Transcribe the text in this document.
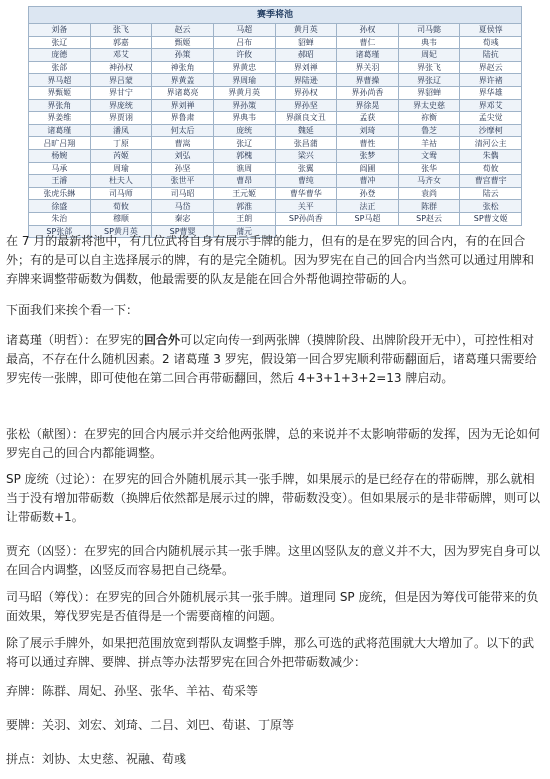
赛季将池
刘备	张飞	赵云	马超	黄月英	孙权	司马懿	夏侯惇
张辽	郭嘉	甄姬	吕布	貂蝉	曹仁	典韦	荀彧
庞德	邓艾	孙策	许攸	郝昭	诸葛瑾	周妃	陆抗
张郃	神孙权	神张角	界黄忠	界刘禅	界关羽	界张飞	界赵云
界马超	界吕蒙	界黄盖	界周瑜	界陆逊	界曹操	界张辽	界许褚
界甄姬	界甘宁	界诸葛亮	界黄月英	界孙权	界孙尚香	界貂蝉	界华雄
界张角	界庞统	界刘禅	界孙策	界孙坚	界徐晃	界太史慈	界邓艾
界姜维	界贾诩	界鲁肃	界典韦	界颜良文丑	孟获	祢衡	孟尖觉
诸葛瑾	潘凤	何太后	庞统	魏延	刘琦	鲁芝	沙摩柯
吕旷吕翔	丁原	曹嵩	张辽	张昌蒲	曹性	羊祜	清河公主
杨婉	芮姬	刘弘	郭槐	梁兴	张梦	文鸯	朱儁
马承	周瑜	孙坚	谯周	张翼	阎圃	张华	荀攸
王濬	杜夫人	张世平	曹昂	曹纯	曹冲	马齐女	曹宫曹宇
张虎乐綝	司马师	司马昭	王元姬	曹华曹华	孙登	袁尚	陆云
徐盛	荀攸	马岱	郭淮	关平	法正	陈群	张松
朱治	穆顺	秦宓	王朗	SP孙尚香	SP马超	SP赵云	SP曹文姬
SP张郃	SP黄月英	SP曹婴	蒲元				
在 7 月的最新将池中，有几位武将自身有展示手牌的能力，但有的是在罗宪的回合内，有的在回合外；有的是可以自主选择展示的牌，有的是完全随机。因为罗宪在自己的回合内当然可以通过用牌和弃牌来调整带砺数为偶数，他最需要的队友是能在回合外帮他调控带砺的人。
下面我们来挨个看一下：
诸葛瑾（明哲）：在罗宪的回合外可以定向传一到两张牌（摸牌阶段、出牌阶段开无中），可控性相对最高，不存在什么随机因素。2 诸葛瑾 3 罗宪，假设第一回合罗宪顺利带砺翻面后，诸葛瑾只需要给罗宪传一张牌，即可使他在第二回合再带砺翻回，然后 4+3+1+3+2=13 牌启动。
张松（献图）：在罗宪的回合内展示并交给他两张牌，总的来说并不太影响带砺的发挥，因为无论如何罗宪自己的回合内都能调整。
SP 庞统（过论）：在罗宪的回合外随机展示其一张手牌，如果展示的是已经存在的带砺牌，那么就相当于没有增加带砺数（换牌后依然都是展示过的牌，带砺数没变）。但如果展示的是非带砺牌，则可以让带砺数+1。
贾充（凶竖）：在罗宪的回合内随机展示其一张手牌。这里凶竖队友的意义并不大，因为罗宪自身可以在回合内调整，凶竖反而容易把自己绕晕。
司马昭（筹伐）：在罗宪的回合外随机展示其一张手牌。道理同 SP 庞统，但是因为筹伐可能带来的负面效果，筹伐罗宪是否值得是一个需要商榷的问题。
除了展示手牌外，如果把范围放宽到帮队友调整手牌，那么可选的武将范围就大大增加了。以下的武将可以通过弃牌、要牌、拼点等办法帮罗宪在回合外把带砺数减少：
弃牌：陈群、周妃、孙坚、张华、羊祜、荀采等
要牌：关羽、刘宏、刘琦、二吕、刘巴、荀谌、丁原等
拼点：刘协、太史慈、祝融、荀彧
